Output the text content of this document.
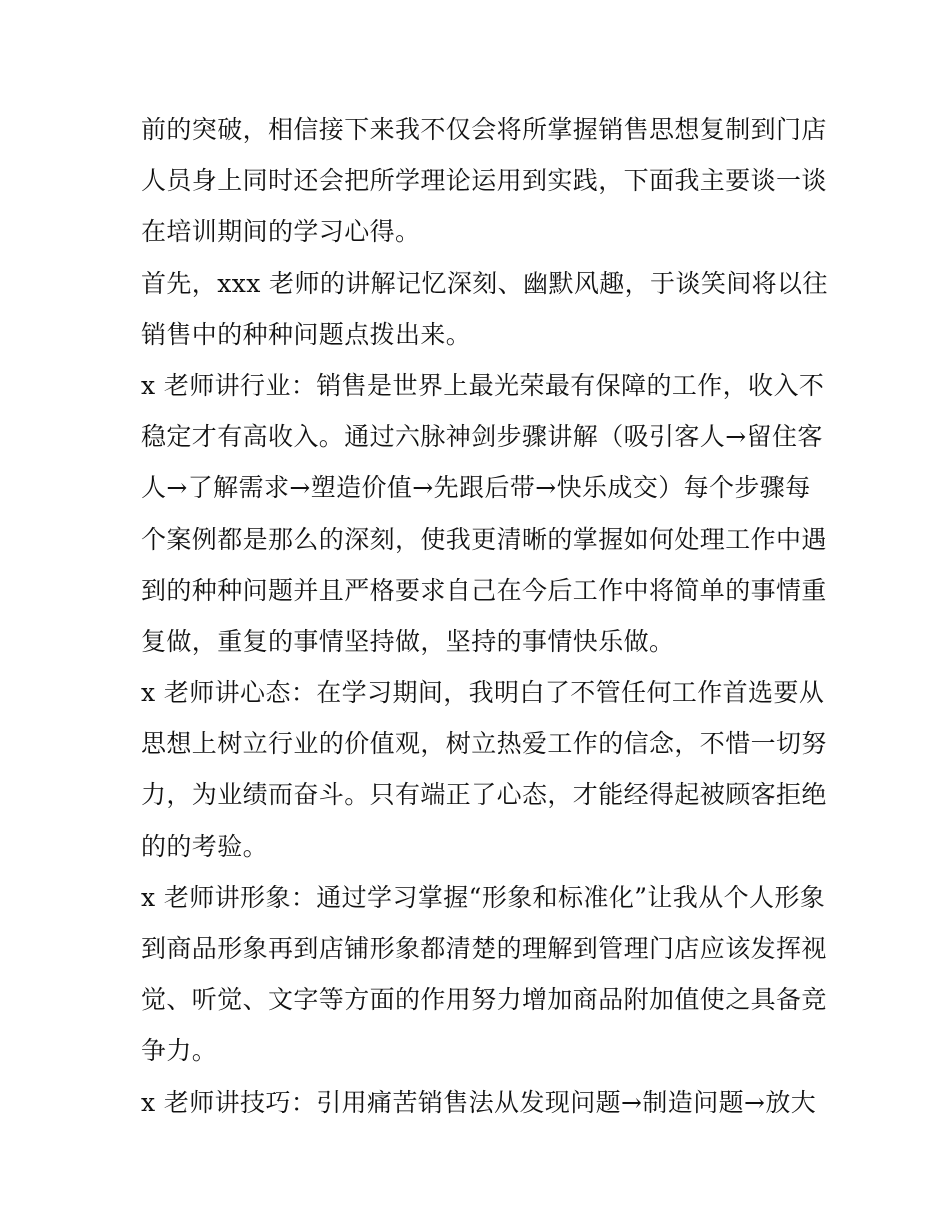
前的突破，相信接下来我不仅会将所掌握销售思想复制到门店
人员身上同时还会把所学理论运用到实践，下面我主要谈一谈
在培训期间的学习心得。
首先，xxx 老师的讲解记忆深刻、幽默风趣，于谈笑间将以往
销售中的种种问题点拨出来。
x 老师讲行业：销售是世界上最光荣最有保障的工作，收入不
稳定才有高收入。通过六脉神剑步骤讲解（吸引客人→留住客
人→了解需求→塑造价值→先跟后带→快乐成交）每个步骤每
个案例都是那么的深刻，使我更清晰的掌握如何处理工作中遇
到的种种问题并且严格要求自己在今后工作中将简单的事情重
复做，重复的事情坚持做，坚持的事情快乐做。
x 老师讲心态：在学习期间，我明白了不管任何工作首选要从
思想上树立行业的价值观，树立热爱工作的信念，不惜一切努
力，为业绩而奋斗。只有端正了心态，才能经得起被顾客拒绝
的的考验。
x 老师讲形象：通过学习掌握“形象和标准化”让我从个人形象
到商品形象再到店铺形象都清楚的理解到管理门店应该发挥视
觉、听觉、文字等方面的作用努力增加商品附加值使之具备竞
争力。
x 老师讲技巧：引用痛苦销售法从发现问题→制造问题→放大
